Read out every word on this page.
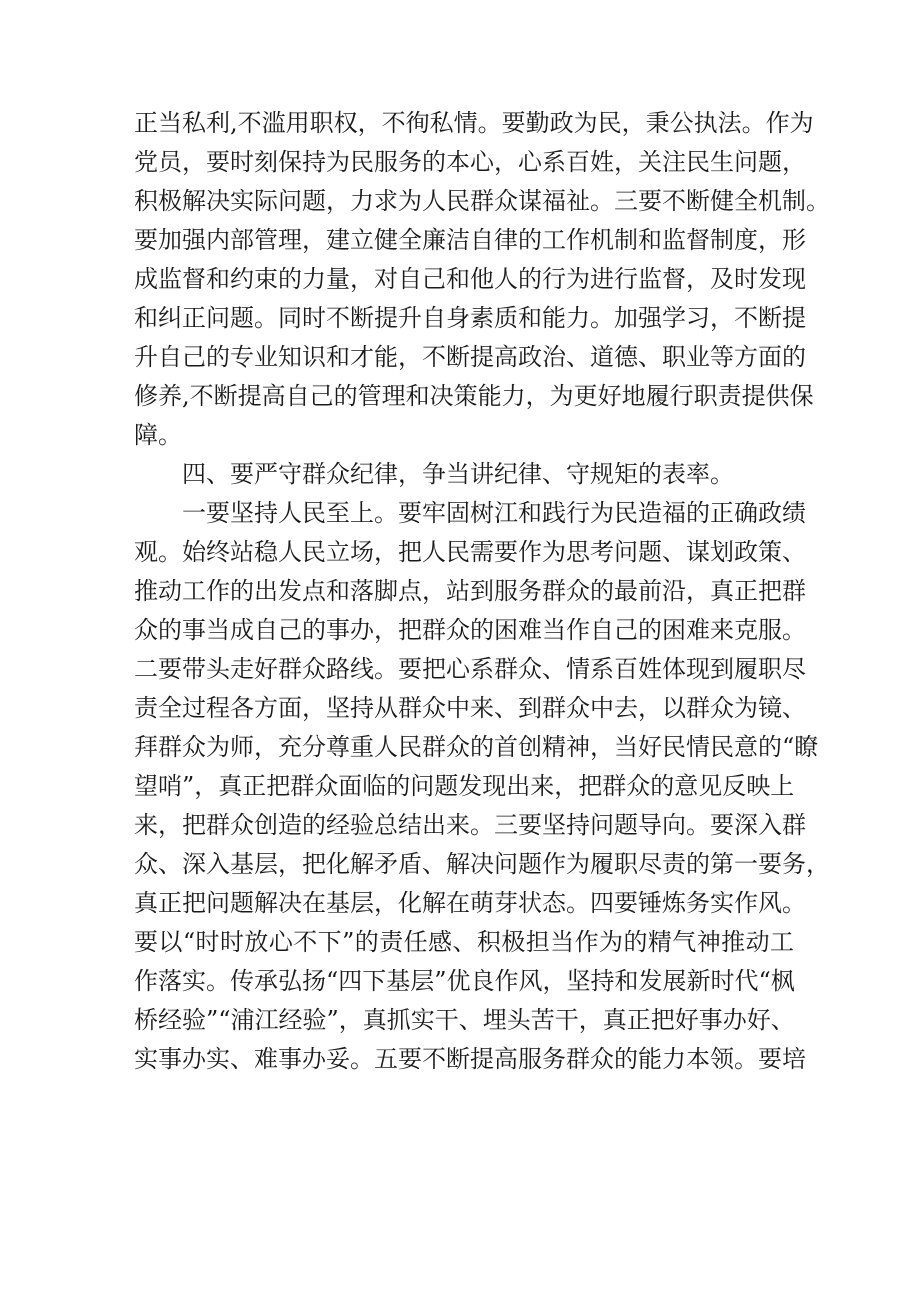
正当私利,不滥用职权，不徇私情。要勤政为民，秉公执法。作为
党员，要时刻保持为民服务的本心，心系百姓，关注民生问题，
积极解决实际问题，力求为人民群众谋福祉。三要不断健全机制。
要加强内部管理，建立健全廉洁自律的工作机制和监督制度，形
成监督和约束的力量，对自己和他人的行为进行监督，及时发现
和纠正问题。同时不断提升自身素质和能力。加强学习，不断提
升自己的专业知识和才能，不断提高政治、道德、职业等方面的
修养,不断提高自己的管理和决策能力，为更好地履行职责提供保
障。
四、要严守群众纪律，争当讲纪律、守规矩的表率。
一要坚持人民至上。要牢固树江和践行为民造福的正确政绩
观。始终站稳人民立场，把人民需要作为思考问题、谋划政策、
推动工作的出发点和落脚点，站到服务群众的最前沿，真正把群
众的事当成自己的事办，把群众的困难当作自己的困难来克服。
二要带头走好群众路线。要把心系群众、情系百姓体现到履职尽
责全过程各方面，坚持从群众中来、到群众中去，以群众为镜、
拜群众为师，充分尊重人民群众的首创精神，当好民情民意的“瞭
望哨”，真正把群众面临的问题发现出来，把群众的意见反映上
来，把群众创造的经验总结出来。三要坚持问题导向。要深入群
众、深入基层，把化解矛盾、解决问题作为履职尽责的第一要务，
真正把问题解决在基层，化解在萌芽状态。四要锤炼务实作风。
要以“时时放心不下”的责任感、积极担当作为的精气神推动工
作落实。传承弘扬“四下基层”优良作风，坚持和发展新时代“枫
桥经验”“浦江经验”，真抓实干、埋头苦干，真正把好事办好、
实事办实、难事办妥。五要不断提高服务群众的能力本领。要培
